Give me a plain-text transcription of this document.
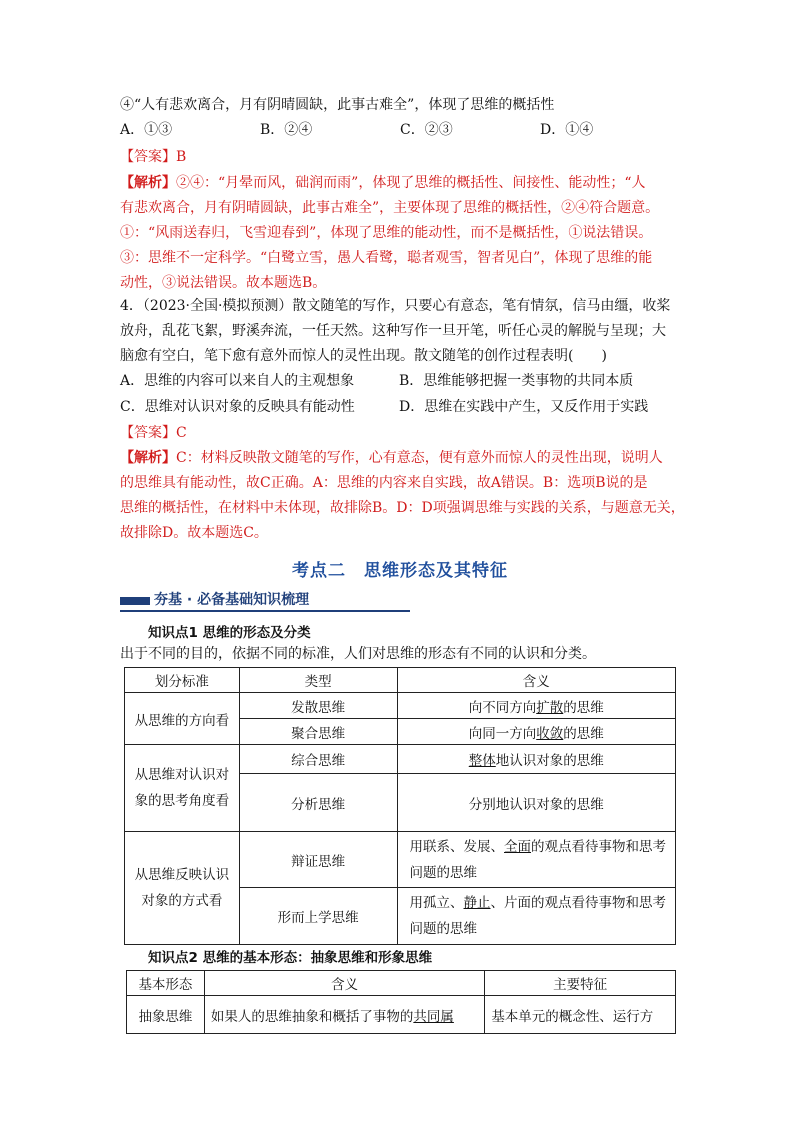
④“人有悲欢离合，月有阴晴圆缺，此事古难全”，体现了思维的概括性
A．①③	B．②④	C．②③	D．①④
【答案】B
【解析】②④：“月晕而风，础润而雨”，体现了思维的概括性、间接性、能动性；“人
有悲欢离合，月有阴晴圆缺，此事古难全”，主要体现了思维的概括性，②④符合题意。
①：“风雨送春归，飞雪迎春到”，体现了思维的能动性，而不是概括性，①说法错误。
③：思维不一定科学。“白鹭立雪，愚人看鹭，聪者观雪，智者见白”，体现了思维的能
动性，③说法错误。故本题选B。
4．（2023·全国·模拟预测）散文随笔的写作，只要心有意态，笔有情氛，信马由缰，收桨
放舟，乱花飞絮，野溪奔流，一任天然。这种写作一旦开笔，听任心灵的解脱与呈现；大
脑愈有空白，笔下愈有意外而惊人的灵性出现。散文随笔的创作过程表明(　　)
A．思维的内容可以来自人的主观想象	B．思维能够把握一类事物的共同本质
C．思维对认识对象的反映具有能动性	D．思维在实践中产生，又反作用于实践
【答案】C
【解析】C：材料反映散文随笔的写作，心有意态，便有意外而惊人的灵性出现，说明人
的思维具有能动性，故C正确。A：思维的内容来自实践，故A错误。B：选项B说的是
思维的概括性，在材料中未体现，故排除B。D：D项强调思维与实践的关系，与题意无关，
故排除D。故本题选C。
考点二　思维形态及其特征
夯基 · 必备基础知识梳理
知识点1 思维的形态及分类
出于不同的目的，依据不同的标准，人们对思维的形态有不同的认识和分类。
划分标准	类型	含义
从思维的方向看	发散思维	向不同方向扩散的思维
	聚合思维	向同一方向收敛的思维
从思维对认识对象的思考角度看	综合思维	整体地认识对象的思维
	分析思维	分别地认识对象的思维
从思维反映认识对象的方式看	辩证思维	用联系、发展、全面的观点看待事物和思考问题的思维
	形而上学思维	用孤立、静止、片面的观点看待事物和思考问题的思维
知识点2 思维的基本形态：抽象思维和形象思维
基本形态	含义	主要特征
抽象思维	如果人的思维抽象和概括了事物的共同属	基本单元的概念性、运行方
